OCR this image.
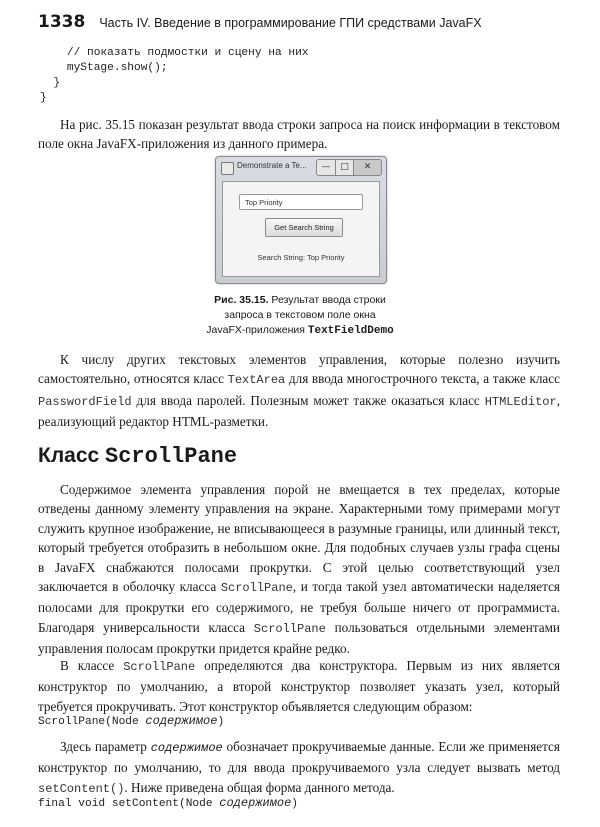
1338 Часть IV. Введение в программирование ГПИ средствами JavaFX
// показать подмостки и сцену на них
myStage.show();
}
}

На рис. 35.15 показан результат ввода строки запроса на поиск информации в текстовом поле окна JavaFX-приложения из данного примера.

Demonstrate a Te...	—	□	✕
Top Priority
Get Search String
Search String: Top Priority
Рис. 35.15. Результат ввода строки
запроса в текстовом поле окна
JavaFX-приложения TextFieldDemo

К числу других текстовых элементов управления, которые полезно изучить самостоятельно, относятся класс TextArea для ввода многострочного текста, а также класс PasswordField для ввода паролей. Полезным может также оказаться класс HTMLEditor, реализующий редактор HTML-разметки.

Класс ScrollPane

Содержимое элемента управления порой не вмещается в тех пределах, которые отведены данному элементу управления на экране. Характерными тому примерами могут служить крупное изображение, не вписывающееся в разумные границы, или длинный текст, который требуется отобразить в небольшом окне. Для подобных случаев узлы графа сцены в JavaFX снабжаются полосами прокрутки. С этой целью соответствующий узел заключается в оболочку класса ScrollPane, и тогда такой узел автоматически наделяется полосами для прокрутки его содержимого, не требуя больше ничего от программиста. Благодаря универсальности класса ScrollPane пользоваться отдельными элементами управления полосам прокрутки придется крайне редко.

В классе ScrollPane определяются два конструктора. Первым из них является конструктор по умолчанию, а второй конструктор позволяет указать узел, который требуется прокручивать. Этот конструктор объявляется следующим образом:

ScrollPane(Node содержимое)

Здесь параметр содержимое обозначает прокручиваемые данные. Если же применяется конструктор по умолчанию, то для ввода прокручиваемого узла следует вызвать метод setContent(). Ниже приведена общая форма данного метода.

final void setContent(Node содержимое)
